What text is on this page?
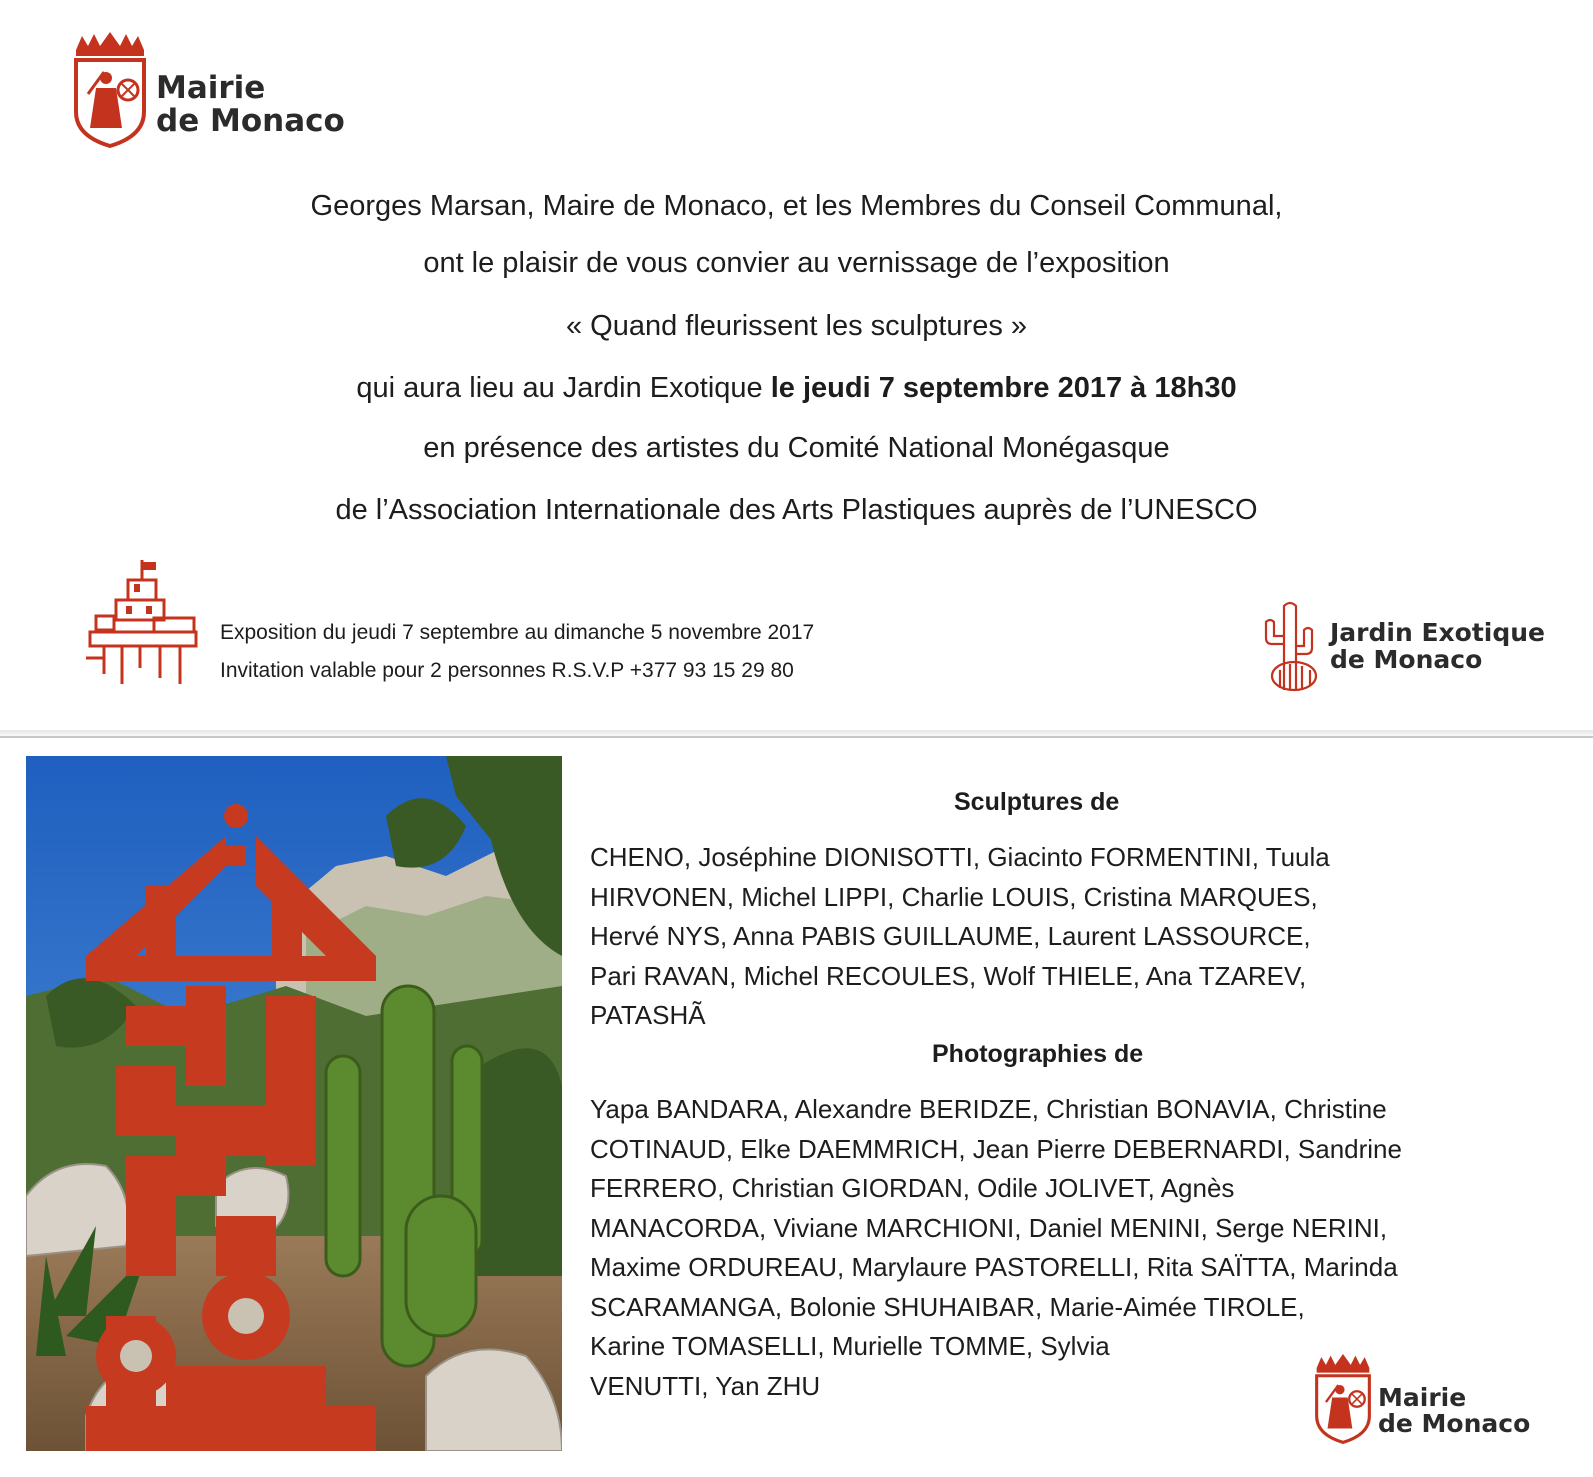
Mairie
de Monaco
Georges Marsan, Maire de Monaco, et les Membres du Conseil Communal,
ont le plaisir de vous convier au vernissage de l’exposition
« Quand fleurissent les sculptures »
qui aura lieu au Jardin Exotique le jeudi 7 septembre 2017 à 18h30
en présence des artistes du Comité National Monégasque
de l’Association Internationale des Arts Plastiques auprès de l’UNESCO
Exposition du jeudi 7 septembre au dimanche 5 novembre 2017
Invitation valable pour 2 personnes R.S.V.P +377 93 15 29 80
Jardin Exotique
de Monaco
Sculptures de
CHENO, Joséphine DIONISOTTI, Giacinto FORMENTINI, Tuula
HIRVONEN, Michel LIPPI, Charlie LOUIS, Cristina MARQUES,
Hervé NYS, Anna PABIS GUILLAUME, Laurent LASSOURCE,
Pari RAVAN, Michel RECOULES, Wolf THIELE, Ana TZAREV,
PATASHÃ
Photographies de
Yapa BANDARA, Alexandre BERIDZE, Christian BONAVIA, Christine
COTINAUD, Elke DAEMMRICH, Jean Pierre DEBERNARDI, Sandrine
FERRERO, Christian GIORDAN, Odile JOLIVET, Agnès
MANACORDA, Viviane MARCHIONI, Daniel MENINI, Serge NERINI,
Maxime ORDUREAU, Marylaure PASTORELLI, Rita SAÏTTA, Marinda
SCARAMANGA, Bolonie SHUHAIBAR, Marie-Aimée TIROLE,
Karine TOMASELLI, Murielle TOMME, Sylvia
VENUTTI, Yan ZHU	Mairie
de Monaco
